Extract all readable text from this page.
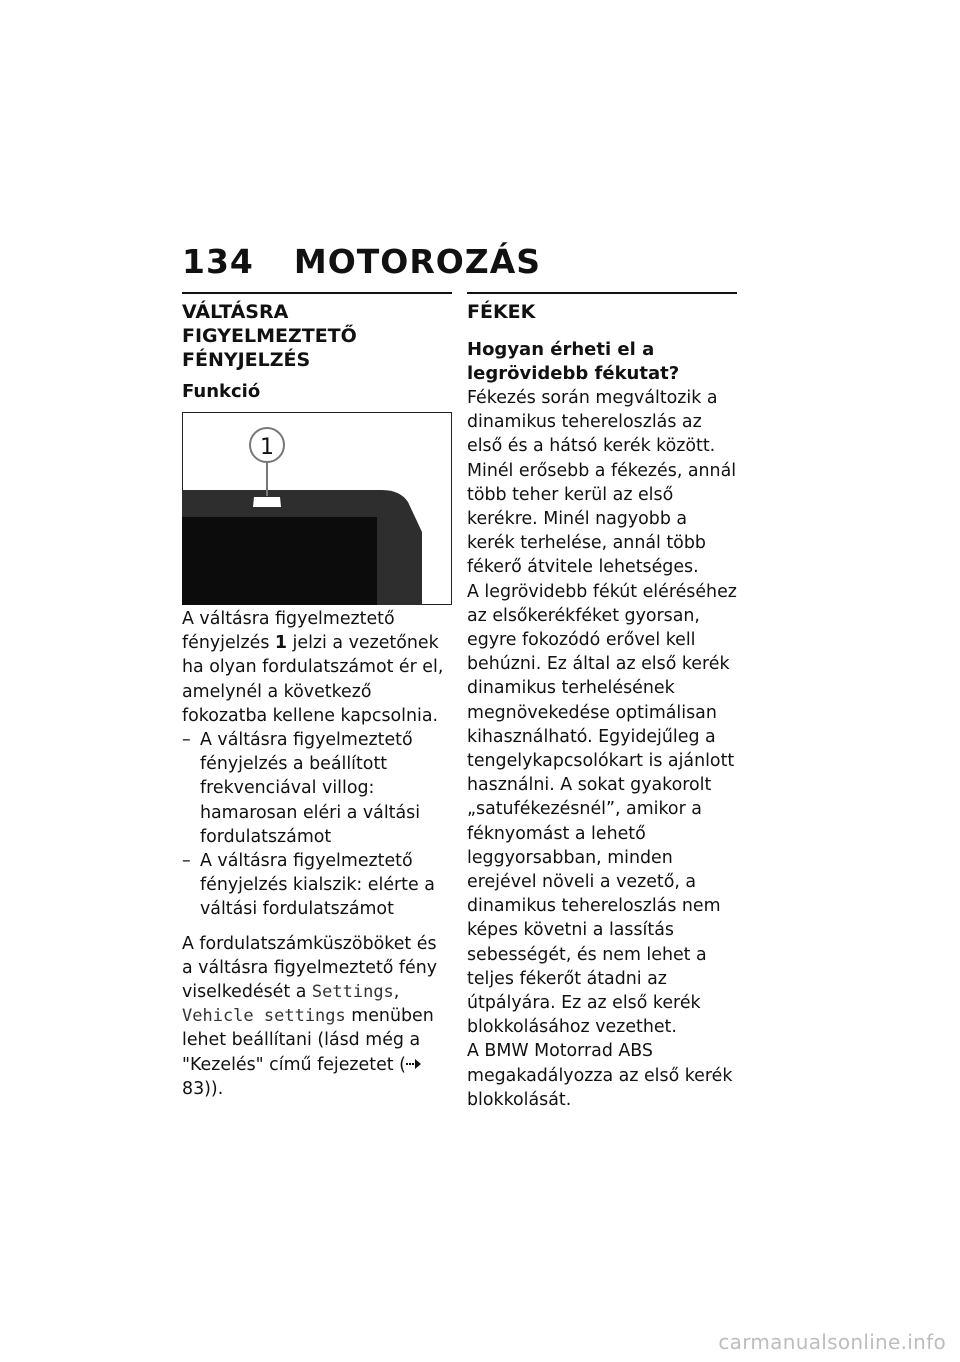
134 MOTOROZÁS
VÁLTÁSRA FIGYELMEZTETŐ
FÉNYJELZÉS
Funkció
1

A váltásra figyelmeztető fényjelzés 1 jelzi a vezetőnek ha olyan fordulatszámot ér el, amelynél a következő fokozatba kellene kapcsolnia.

– A váltásra figyelmeztető fényjelzés a beállított frekvenciával villog: hamarosan eléri a váltási fordulatszámot
– A váltásra figyelmeztető fényjelzés kialszik: elérte a váltási fordulatszámot

A fordulatszámküszöböket és a váltásra figyelmeztető fény viselkedését a Settings, Vehicle settings menüben lehet beállítani (lásd még a "Kezelés" című fejezetet ( 83)).

FÉKEK
Hogyan érheti el a legrövidebb fékutat?

Fékezés során megváltozik a dinamikus tehereloszlás az első és a hátsó kerék között. Minél erősebb a fékezés, annál több teher kerül az első kerékre. Minél nagyobb a kerék terhelése, annál több fékerő átvitele lehetséges.
A legrövidebb fékút eléréséhez az elsőkerékféket gyorsan, egyre fokozódó erővel kell behúzni. Ez által az első kerék dinamikus terhelésének megnövekedése optimálisan kihasználható. Egyidejűleg a tengelykapcsolókart is ajánlott használni. A sokat gyakorolt „satufékezésnél”, amikor a féknyomást a lehető leggyorsabban, minden erejével növeli a vezető, a dinamikus tehereloszlás nem képes követni a lassítás sebességét, és nem lehet a teljes fékerőt átadni az útpályára. Ez az első kerék blokkolásához vezethet.
A BMW Motorrad ABS megakadályozza az első kerék blokkolását.

carmanualsonline.info
